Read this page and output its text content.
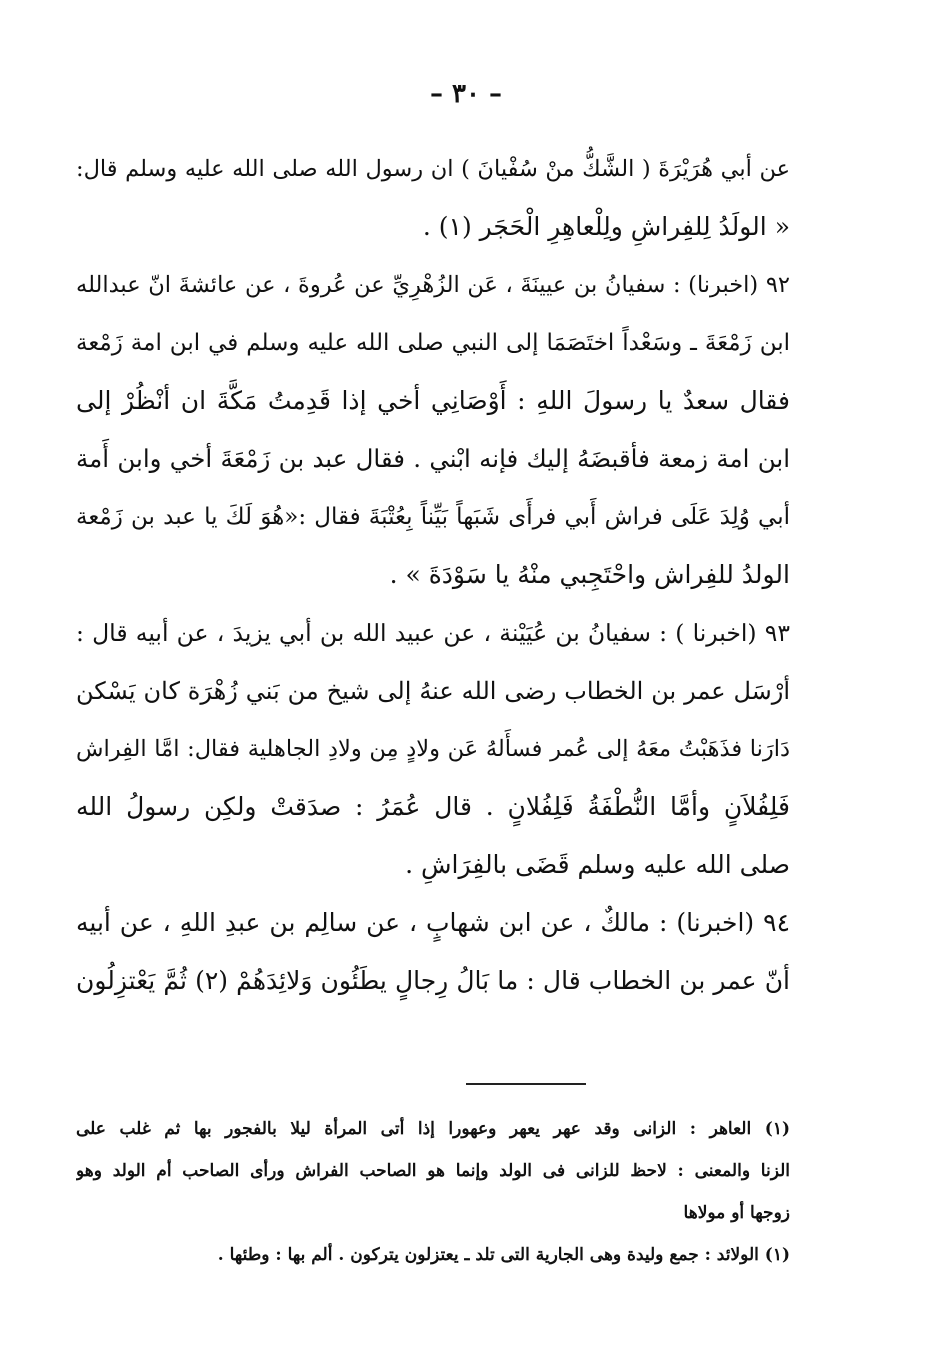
– ٣٠ –
عن أبي هُرَيْرَةَ ( الشَّكُّ منْ سُفْيانَ ) ان رسول الله صلى الله عليه وسلم قال:
« الولَدُ لِلفِراشِ ولِلْعاهِرِ الْحَجَر (١) .
٩٢ (اخبرنا) : سفيانُ بن عيينَةَ ، عَن الزُهْرِيِّ عن عُروةَ ، عن عائشةَ انّ عبدالله
ابن زَمْعَةَ ـ وسَعْداً اختَصَمَا إلى النبي صلى الله عليه وسلم في ابن امة زَمْعة
فقال سعدٌ يا رسولَ اللهِ : أَوْصَانِي أخي إذا قَدِمتُ مَكَّةَ ان أنْظُرْ إلى
ابن امة زمعة فأقبضَهُ إليك فإنه ابْني . فقال عبد بن زَمْعَةَ أخي وابن أَمة
أبي وُلِدَ عَلَى فراش أَبي فرأَى شَبَهاً بَيِّناً بِعُتْبَةَ فقال :«هُوَ لَكَ يا عبد بن زَمْعة
الولدُ للفِراش واحْتَجِبي منْهُ يا سَوْدَةَ » .
٩٣ (اخبرنا ) : سفيانُ بن عُيَيْنة ، عن عبيد الله بن أبي يزيدَ ، عن أبيه قال :
أرْسَل عمر بن الخطاب رضى الله عنهُ إلى شيخ من بَني زُهْرَة كان يَسْكن
دَارَنا فذَهَبْتُ معَهُ إلى عُمر فسأَلهُ عَن ولادٍ مِن ولادِ الجاهلية فقال: امَّا الفِراش
فَلِفُلاَنٍ وأمَّا النُّطْفَةُ فَلِفُلانٍ . قال عُمَرُ : صدَقتْ ولكِن رسولُ الله
صلى الله عليه وسلم قَضَى بالفِرَاشِ .
٩٤ (اخبرنا) : مالكٌ ، عن ابن شهابٍ ، عن سالِم بن عبدِ اللهِ ، عن أبيه
أنّ عمر بن الخطاب قال : ما بَالُ رِجالٍ يطَئُون وَلائِدَهُمْ (٢) ثُمَّ يَعْتزِلُون
(١) العاهر : الزانى وقد عهر يعهر وعهورا إذا أتى المرأة ليلا بالفجور بها ثم غلب على
الزنا والمعنى : لاحظ للزانى فى الولد وإنما هو الصاحب الفراش ورأى الصاحب أم الولد وهو
زوجها أو مولاها
(١) الولائد : جمع وليدة وهى الجارية التى تلد ـ يعتزلون يتركون . ألم بها : وطئها .
